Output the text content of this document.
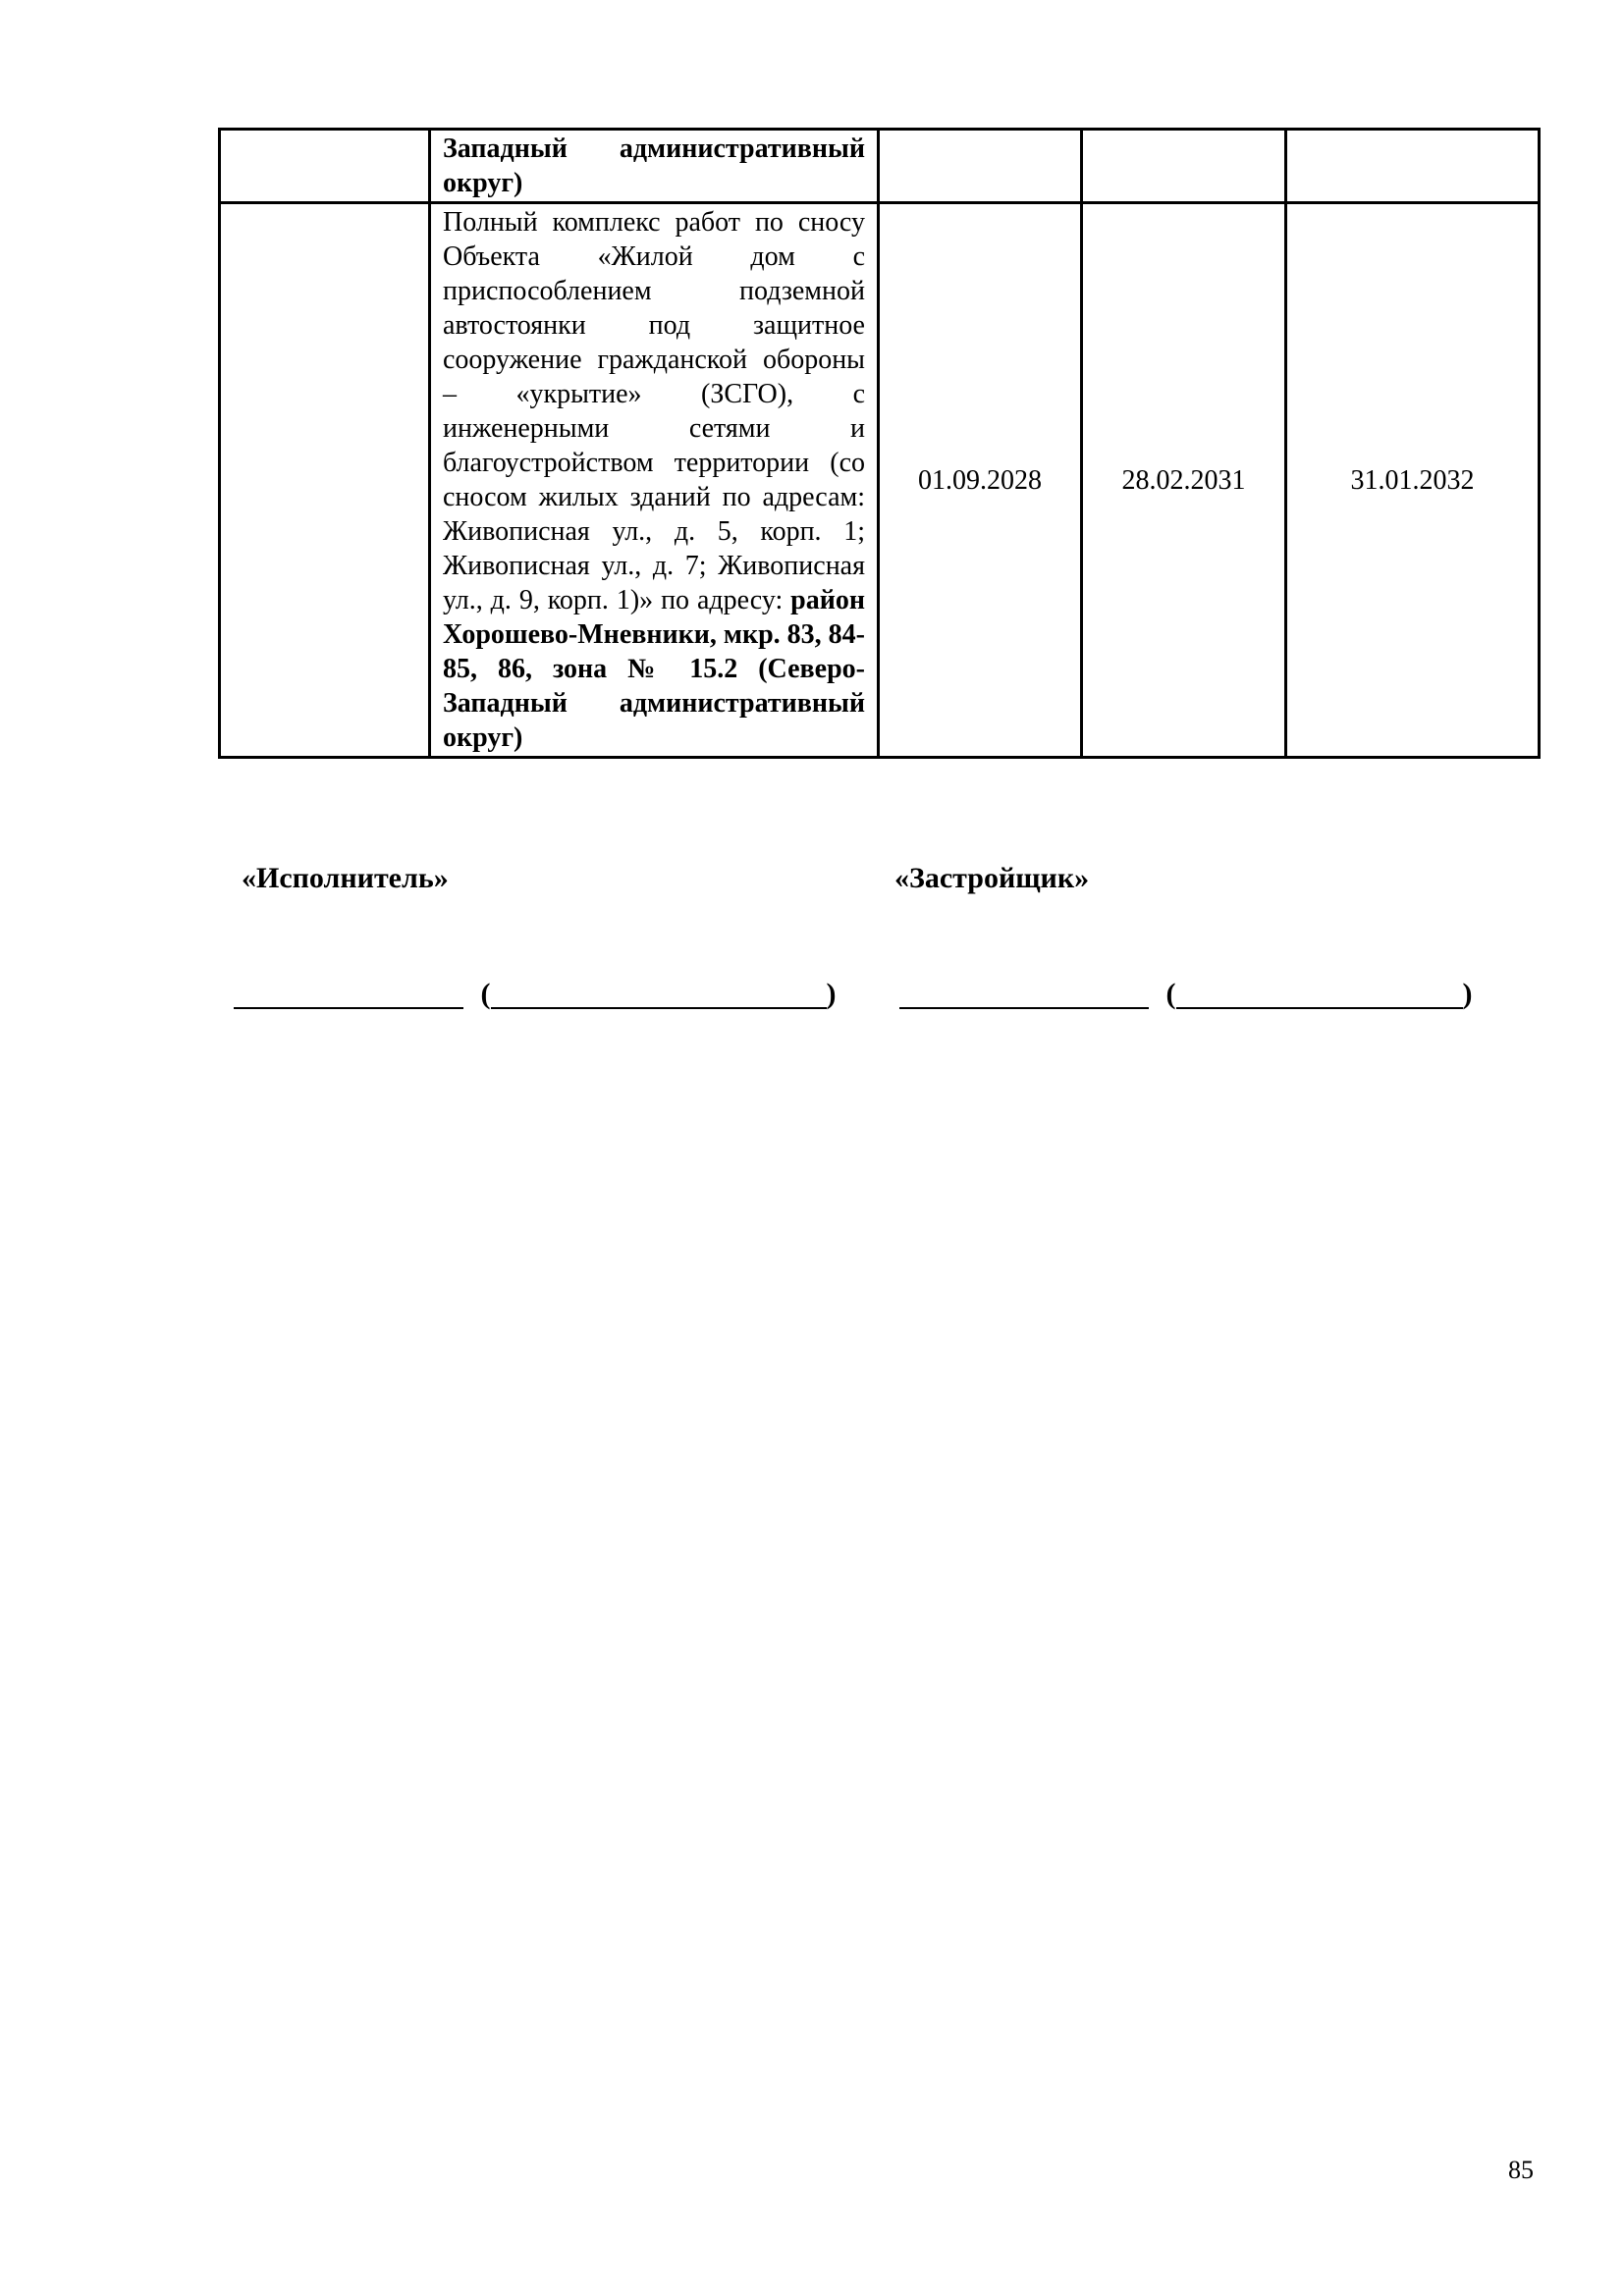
	Западный административный округ)			

	Полный комплекс работ по сносу Объекта «Жилой дом с приспособлением подземной автостоянки под защитное сооружение гражданской обороны – «укрытие» (ЗСГО), с инженерными сетями и благоустройством территории (со сносом жилых зданий по адресам: Живописная ул., д. 5, корп. 1; Живописная ул., д. 7; Живописная ул., д. 9, корп. 1)» по адресу: район Хорошево-Мневники, мкр. 83, 84-85, 86, зона № 15.2 (Северо-Западный административный округ)	01.09.2028	28.02.2031	31.01.2032
«Исполнитель»	«Застройщик»
(	)	(	)
85
